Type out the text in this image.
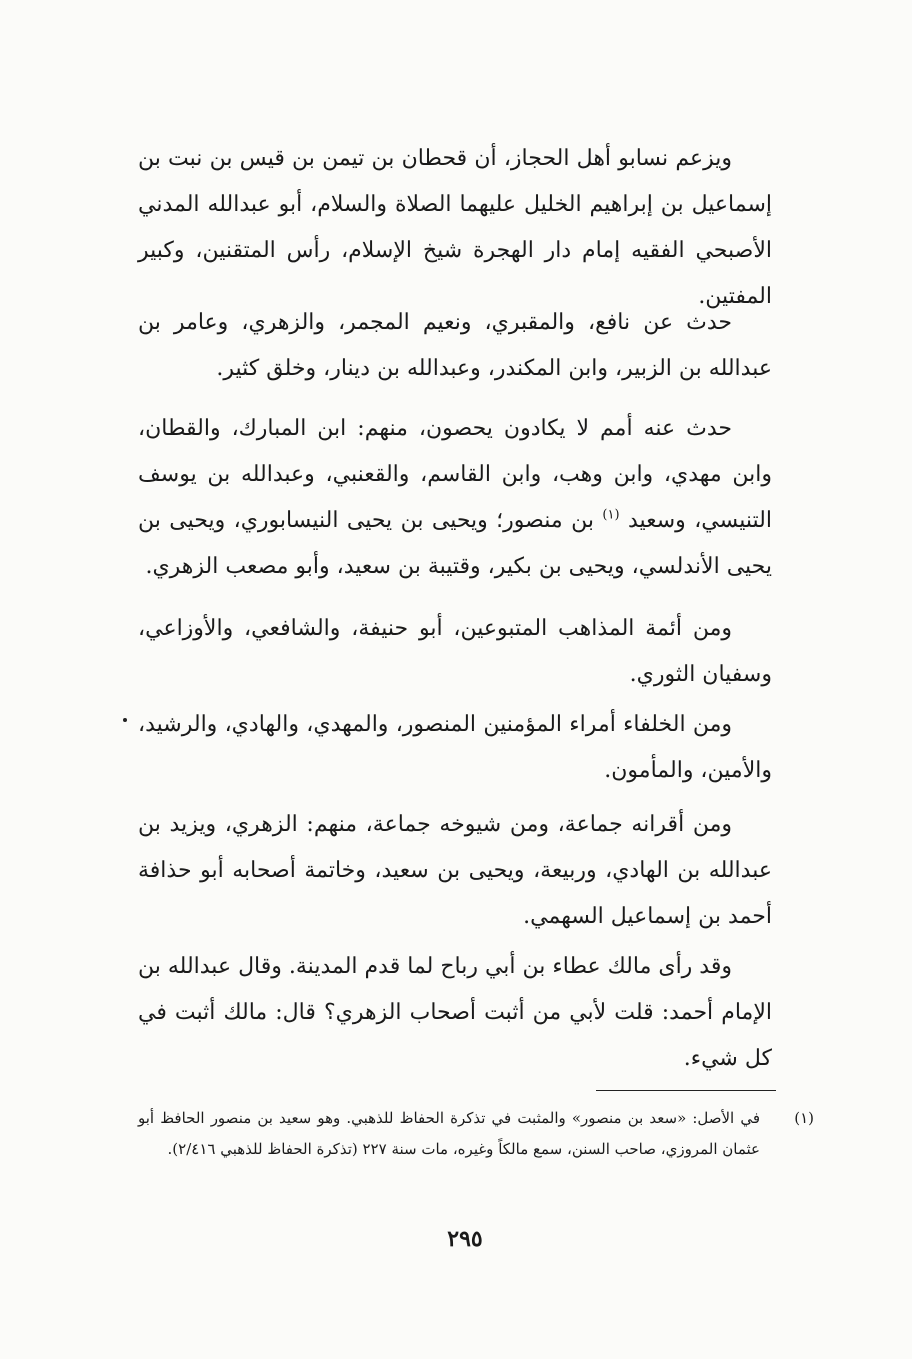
ويزعم نسابو أهل الحجاز، أن قحطان بن تيمن بن قيس بن نبت بن إسماعيل بن إبراهيم الخليل عليهما الصلاة والسلام، أبو عبدالله المدني الأصبحي الفقيه إمام دار الهجرة شيخ الإسلام، رأس المتقنين، وكبير المفتين.

حدث عن نافع، والمقبري، ونعيم المجمر، والزهري، وعامر بن عبدالله بن الزبير، وابن المكندر، وعبدالله بن دينار، وخلق كثير.

حدث عنه أمم لا يكادون يحصون، منهم: ابن المبارك، والقطان، وابن مهدي، وابن وهب، وابن القاسم، والقعنبي، وعبدالله بن يوسف التنيسي، وسعيد $^{(١)}$ بن منصور؛ ويحيى بن يحيى النيسابوري، ويحيى بن يحيى الأندلسي، ويحيى بن بكير، وقتيبة بن سعيد، وأبو مصعب الزهري.

ومن أئمة المذاهب المتبوعين، أبو حنيفة، والشافعي، والأوزاعي، وسفيان الثوري.

ومن الخلفاء أمراء المؤمنين المنصور، والمهدي، والهادي، والرشيد، والأمين، والمأمون.

ومن أقرانه جماعة، ومن شيوخه جماعة، منهم: الزهري، ويزيد بن عبدالله بن الهادي، وربيعة، ويحيى بن سعيد، وخاتمة أصحابه أبو حذافة أحمد بن إسماعيل السهمي.

وقد رأى مالك عطاء بن أبي رباح لما قدم المدينة. وقال عبدالله بن الإمام أحمد: قلت لأبي من أثبت أصحاب الزهري؟ قال: مالك أثبت في كل شيء.

(١)
في الأصل: «سعد بن منصور» والمثبت في تذكرة الحفاظ للذهبي. وهو سعيد بن منصور الحافظ أبو عثمان المروزي، صاحب السنن، سمع مالكاً وغيره، مات سنة ٢٢٧ (تذكرة الحفاظ للذهبي ٢/٤١٦).
٢٩٥
